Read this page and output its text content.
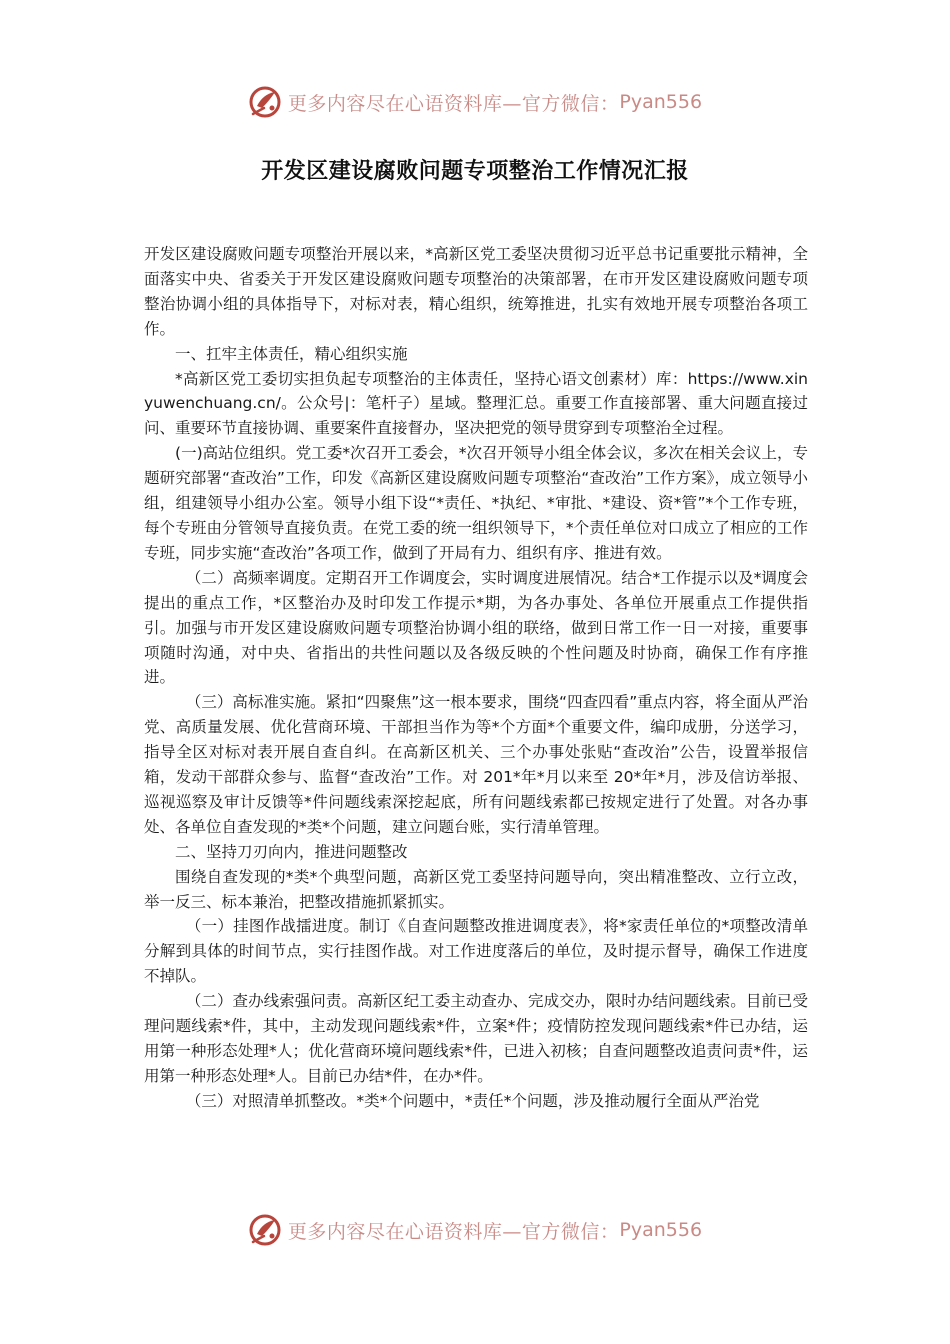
更多内容尽在心语资料库—官方微信： Pyan556
开发区建设腐败问题专项整治工作情况汇报

开发区建设腐败问题专项整治开展以来，*高新区党工委坚决贯彻习近平总书记重要批示精神，全面落实中央、省委关于开发区建设腐败问题专项整治的决策部署，在市开发区建设腐败问题专项整治协调小组的具体指导下，对标对表，精心组织，统筹推进，扎实有效地开展专项整治各项工作。

一、扛牢主体责任，精心组织实施

*高新区党工委切实担负起专项整治的主体责任，坚持心语文创素材）库：https://www.xinyuwenchuang.cn/。公众号|：笔杆子）星域。整理汇总。重要工作直接部署、重大问题直接过问、重要环节直接协调、重要案件直接督办，坚决把党的领导贯穿到专项整治全过程。

(一)高站位组织。党工委*次召开工委会，*次召开领导小组全体会议，多次在相关会议上，专题研究部署“查改治”工作，印发《高新区建设腐败问题专项整治“查改治”工作方案》，成立领导小组，组建领导小组办公室。领导小组下设“*责任、*执纪、*审批、*建设、资*管”*个工作专班，每个专班由分管领导直接负责。在党工委的统一组织领导下，*个责任单位对口成立了相应的工作专班，同步实施“查改治”各项工作，做到了开局有力、组织有序、推进有效。

（二）高频率调度。定期召开工作调度会，实时调度进展情况。结合*工作提示以及*调度会提出的重点工作，*区整治办及时印发工作提示*期，为各办事处、各单位开展重点工作提供指引。加强与市开发区建设腐败问题专项整治协调小组的联络，做到日常工作一日一对接，重要事项随时沟通，对中央、省指出的共性问题以及各级反映的个性问题及时协商，确保工作有序推进。

（三）高标准实施。紧扣“四聚焦”这一根本要求，围绕“四查四看”重点内容，将全面从严治党、高质量发展、优化营商环境、干部担当作为等*个方面*个重要文件，编印成册，分送学习，指导全区对标对表开展自查自纠。在高新区机关、三个办事处张贴“查改治”公告，设置举报信箱，发动干部群众参与、监督“查改治”工作。对 201*年*月以来至 20*年*月，涉及信访举报、巡视巡察及审计反馈等*件问题线索深挖起底，所有问题线索都已按规定进行了处置。对各办事处、各单位自查发现的*类*个问题，建立问题台账，实行清单管理。

二、坚持刀刃向内，推进问题整改

围绕自查发现的*类*个典型问题，高新区党工委坚持问题导向，突出精准整改、立行立改，举一反三、标本兼治，把整改措施抓紧抓实。

（一）挂图作战擂进度。制订《自查问题整改推进调度表》，将*家责任单位的*项整改清单分解到具体的时间节点，实行挂图作战。对工作进度落后的单位，及时提示督导，确保工作进度不掉队。

（二）查办线索强问责。高新区纪工委主动查办、完成交办，限时办结问题线索。目前已受理问题线索*件，其中，主动发现问题线索*件，立案*件；疫情防控发现问题线索*件已办结，运用第一种形态处理*人；优化营商环境问题线索*件，已进入初核；自查问题整改追责问责*件，运用第一种形态处理*人。目前已办结*件，在办*件。

（三）对照清单抓整改。*类*个问题中，*责任*个问题，涉及推动履行全面从严治党

更多内容尽在心语资料库—官方微信： Pyan556
